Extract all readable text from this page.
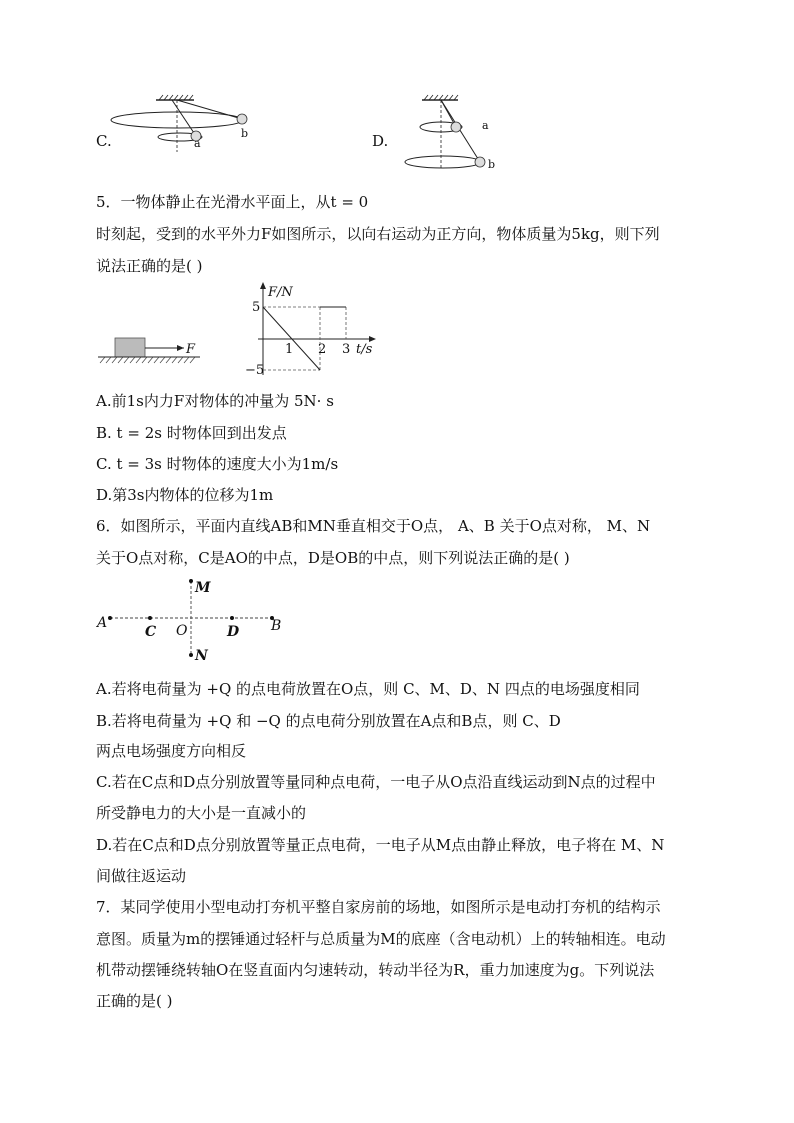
C.	a
b	D.
a
b
5．一物体静止在光滑水平面上，从t = 0
时刻起，受到的水平外力F如图所示，以向右运动为正方向，物体质量为5kg，则下列
说法正确的是( )
F
F/N
5
−5
1 2 3 t/s
A.前1s内力F对物体的冲量为 5N· s
B. t = 2s 时物体回到出发点
C. t = 3s 时物体的速度大小为1m/s
D.第3s内物体的位移为1m
6．如图所示，平面内直线AB和MN垂直相交于O点， A、B 关于O点对称， M、N
关于O点对称，C是AO的中点，D是OB的中点，则下列说法正确的是( )
A
C O	D B
M
N
A.若将电荷量为 +Q 的点电荷放置在O点，则 C、M、D、N 四点的电场强度相同
B.若将电荷量为 +Q 和 −Q 的点电荷分别放置在A点和B点，则 C、D
两点电场强度方向相反
C.若在C点和D点分别放置等量同种点电荷，一电子从O点沿直线运动到N点的过程中
所受静电力的大小是一直减小的
D.若在C点和D点分别放置等量正点电荷，一电子从M点由静止释放，电子将在 M、N
间做往返运动
7．某同学使用小型电动打夯机平整自家房前的场地，如图所示是电动打夯机的结构示
意图。质量为m的摆锤通过轻杆与总质量为M的底座（含电动机）上的转轴相连。电动
机带动摆锤绕转轴O在竖直面内匀速转动，转动半径为R，重力加速度为g。下列说法
正确的是( )
